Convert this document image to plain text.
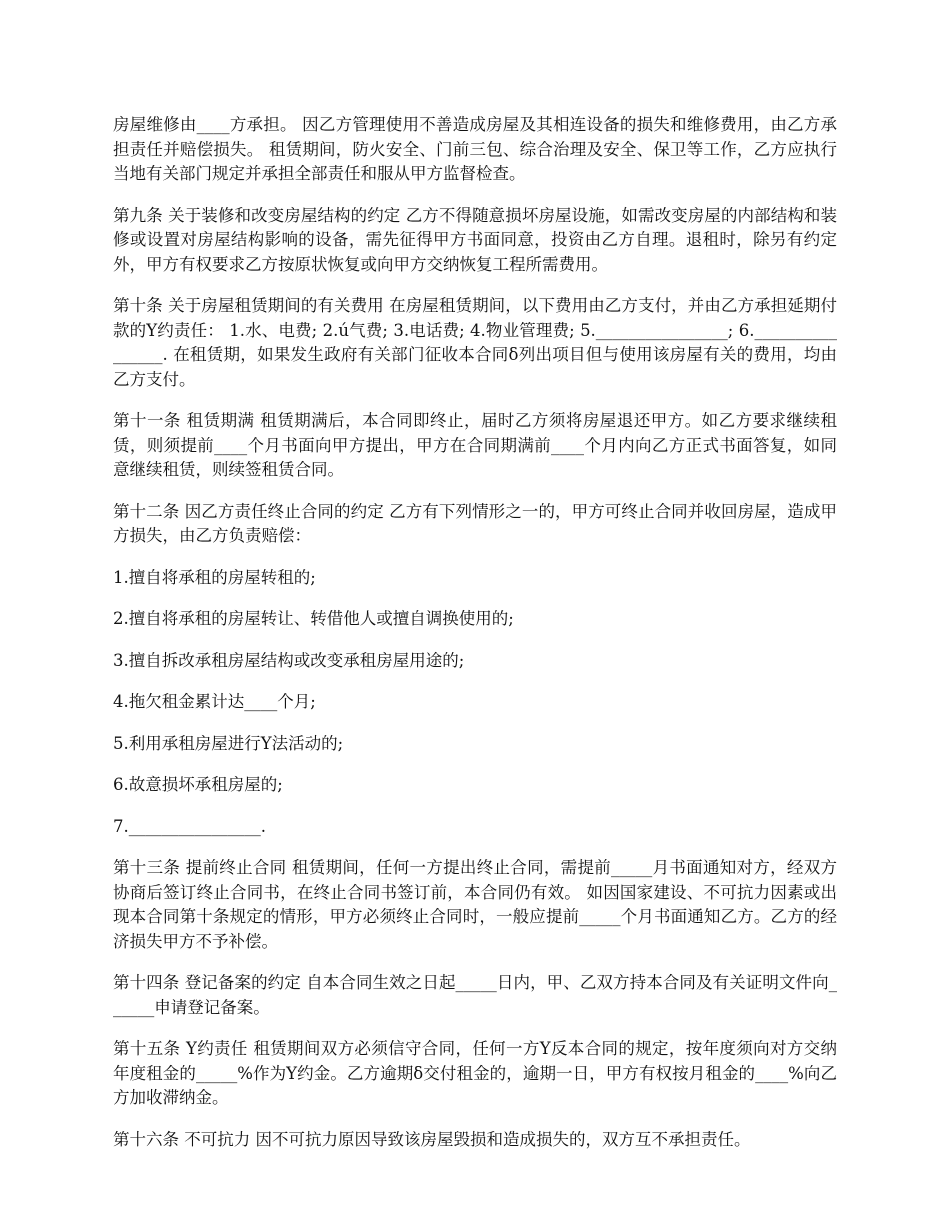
房屋维修由____方承担。 因乙方管理使用不善造成房屋及其相连设备的损失和维修费用，由乙方承担责任并赔偿损失。 租赁期间，防火安全、门前三包、综合治理及安全、保卫等工作，乙方应执行当地有关部门规定并承担全部责任和服从甲方监督检查。

第九条 关于装修和改变房屋结构的约定 乙方不得随意损坏房屋设施，如需改变房屋的内部结构和装修或设置对房屋结构影响的设备，需先征得甲方书面同意，投资由乙方自理。退租时，除另有约定外，甲方有权要求乙方按原状恢复或向甲方交纳恢复工程所需费用。

第十条 关于房屋租赁期间的有关费用 在房屋租赁期间，以下费用由乙方支付，并由乙方承担延期付款的Y约责任： 1.水、电费; 2.ú气费; 3.电话费; 4.物业管理费; 5.________________; 6.________________. 在租赁期，如果发生政府有关部门征收本合同δ列出项目但与使用该房屋有关的费用，均由乙方支付。

第十一条 租赁期满 租赁期满后，本合同即终止，届时乙方须将房屋退还甲方。如乙方要求继续租赁，则须提前____个月书面向甲方提出，甲方在合同期满前____个月内向乙方正式书面答复，如同意继续租赁，则续签租赁合同。

第十二条 因乙方责任终止合同的约定 乙方有下列情形之一的，甲方可终止合同并收回房屋，造成甲方损失，由乙方负责赔偿：

1.擅自将承租的房屋转租的;

2.擅自将承租的房屋转让、转借他人或擅自调换使用的;

3.擅自拆改承租房屋结构或改变承租房屋用途的;

4.拖欠租金累计达____个月;

5.利用承租房屋进行Y法活动的;

6.故意损坏承租房屋的;

7.________________.

第十三条 提前终止合同 租赁期间，任何一方提出终止合同，需提前_____月书面通知对方，经双方协商后签订终止合同书，在终止合同书签订前，本合同仍有效。 如因国家建设、不可抗力因素或出现本合同第十条规定的情形，甲方必须终止合同时，一般应提前_____个月书面通知乙方。乙方的经济损失甲方不予补偿。

第十四条 登记备案的约定 自本合同生效之日起_____日内，甲、乙双方持本合同及有关证明文件向______申请登记备案。

第十五条 Y约责任 租赁期间双方必须信守合同，任何一方Y反本合同的规定，按年度须向对方交纳年度租金的_____%作为Y约金。乙方逾期δ交付租金的，逾期一日，甲方有权按月租金的____%向乙方加收滞纳金。

第十六条 不可抗力 因不可抗力原因导致该房屋毁损和造成损失的，双方互不承担责任。
